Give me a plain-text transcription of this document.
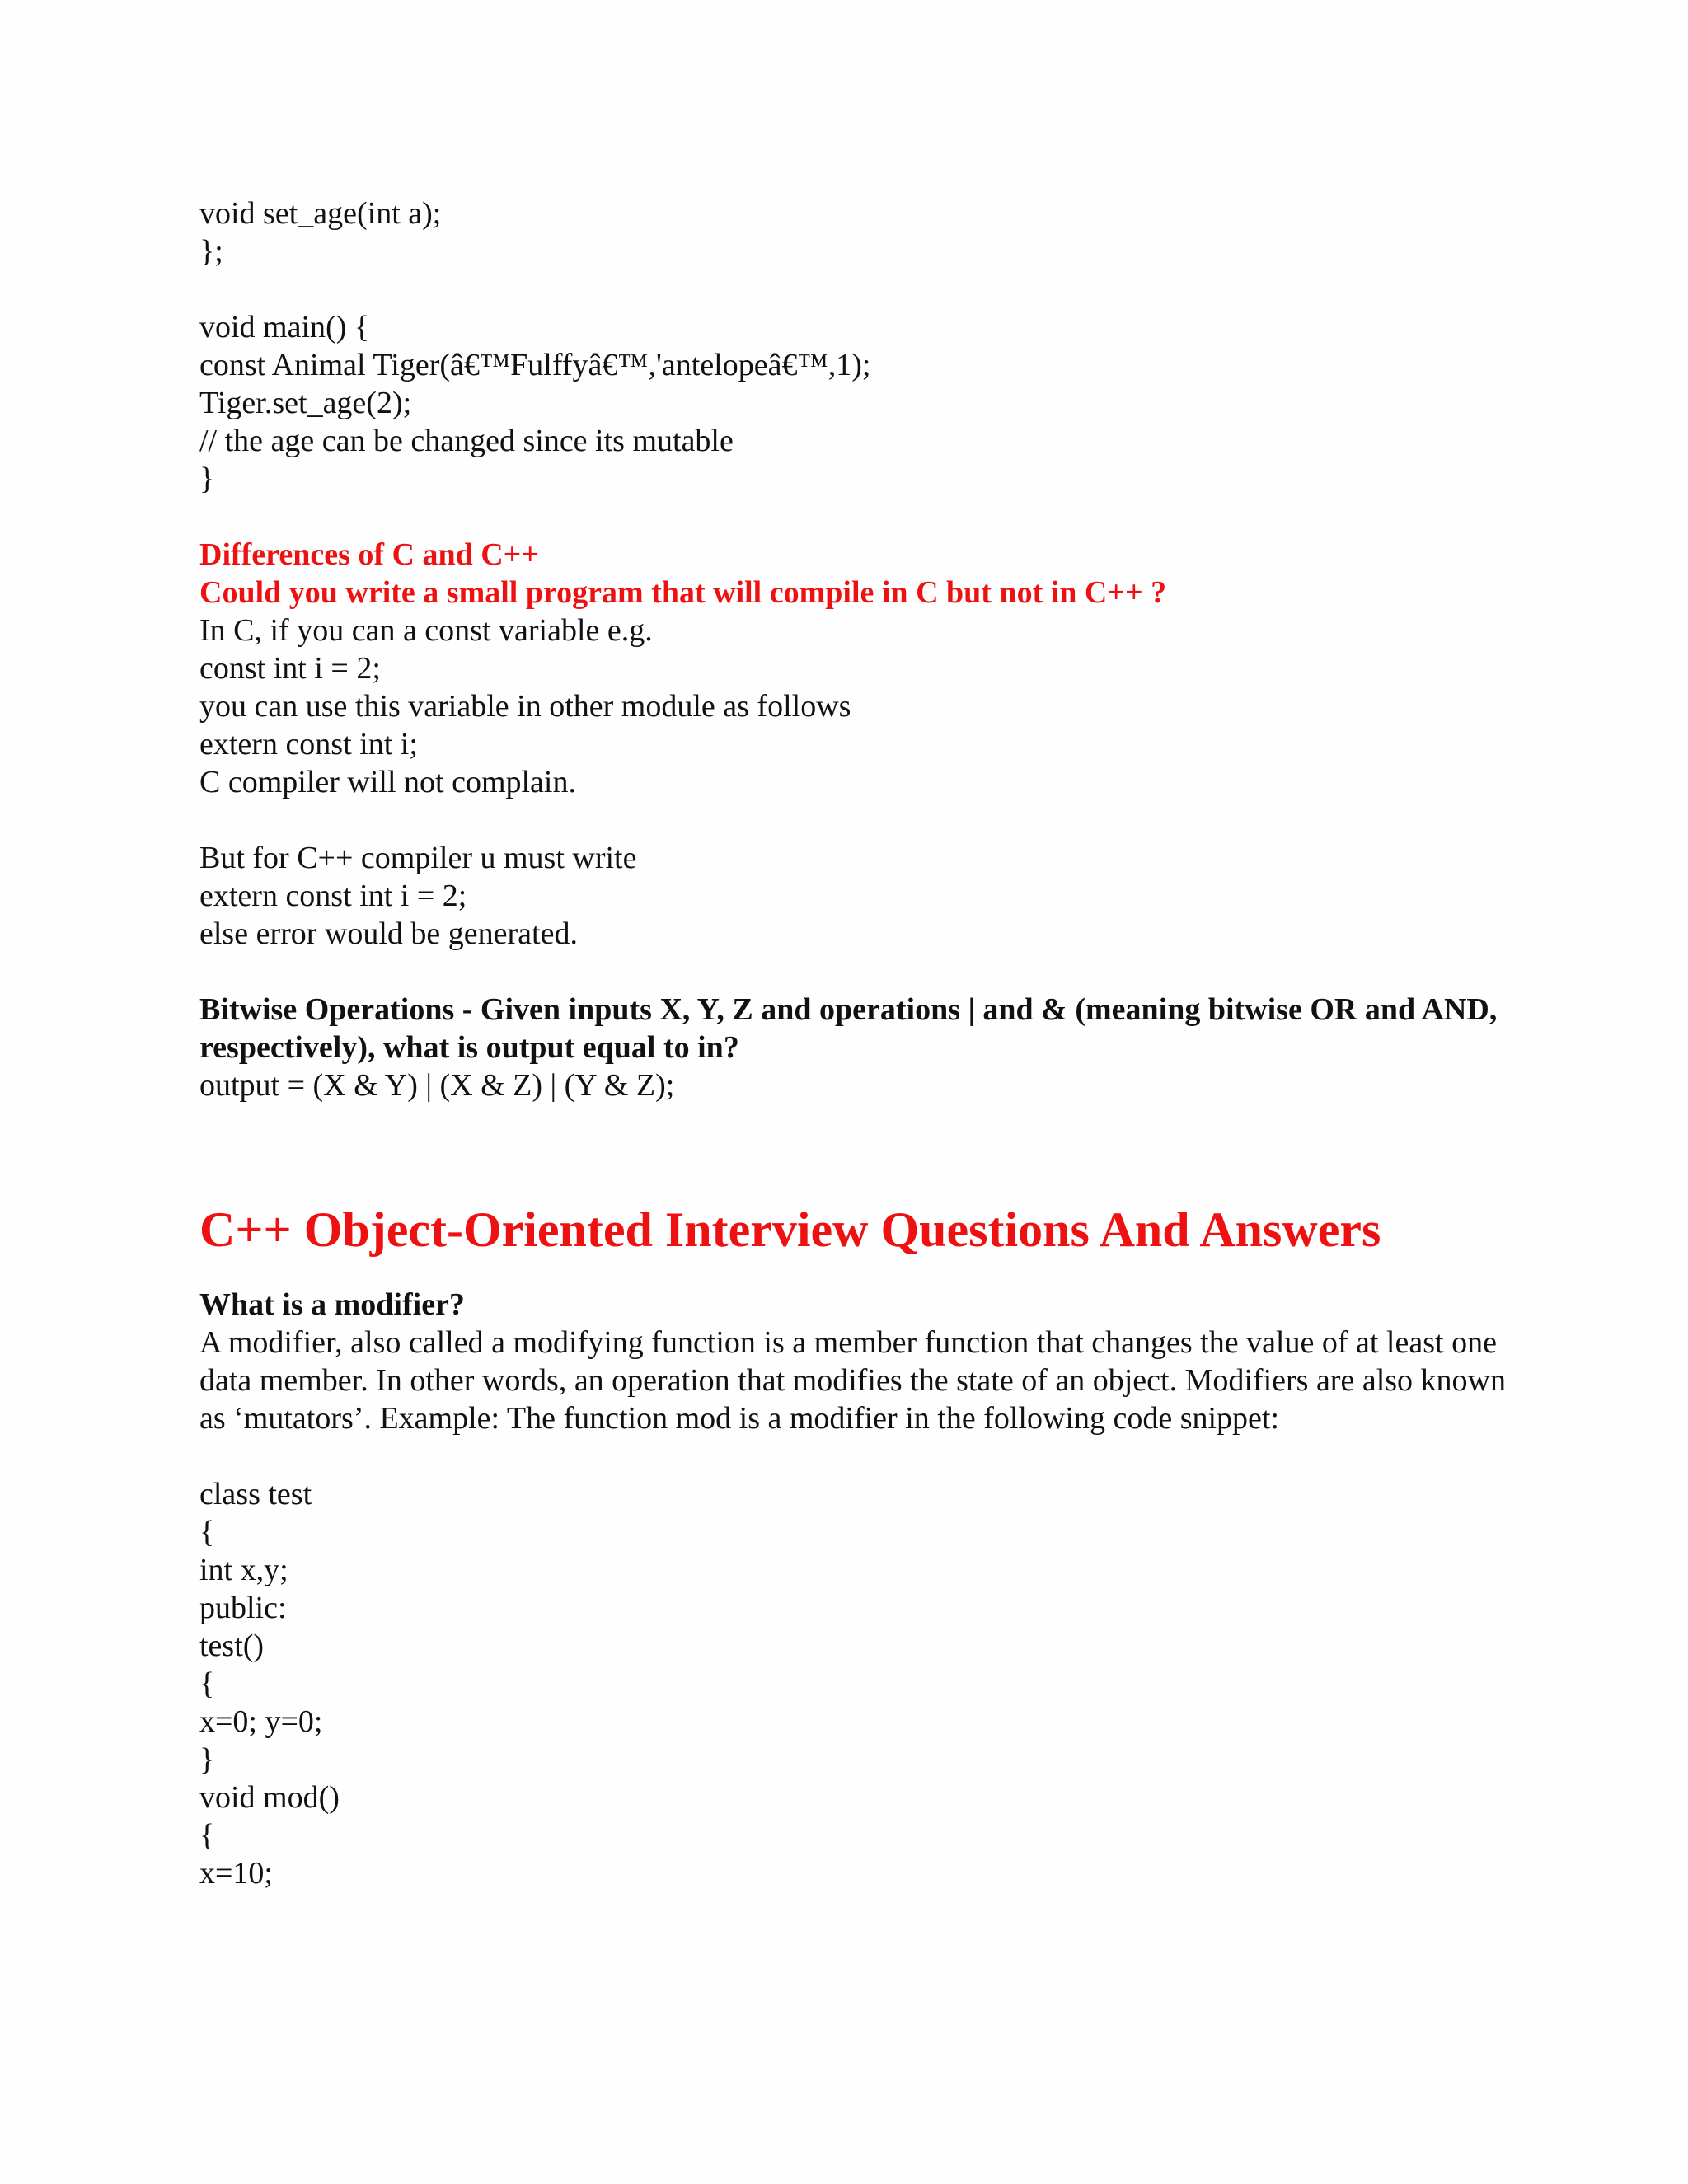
void set_age(int a);
};
void main() {
const Animal Tiger(â€™Fulffyâ€™,'antelopeâ€™,1);
Tiger.set_age(2);
// the age can be changed since its mutable
}
Differences of C and C++
Could you write a small program that will compile in C but not in C++ ?
In C, if you can a const variable e.g.
const int i = 2;
you can use this variable in other module as follows
extern const int i;
C compiler will not complain.
But for C++ compiler u must write
extern const int i = 2;
else error would be generated.
Bitwise Operations - Given inputs X, Y, Z and operations | and & (meaning bitwise OR and AND, respectively), what is output equal to in?
output = (X & Y) | (X & Z) | (Y & Z);
C++ Object-Oriented Interview Questions And Answers
What is a modifier?
A modifier, also called a modifying function is a member function that changes the value of at least one data member. In other words, an operation that modifies the state of an object. Modifiers are also known as ‘mutators’. Example: The function mod is a modifier in the following code snippet:
class test
{
int x,y;
public:
test()
{
x=0; y=0;
}
void mod()
{
x=10;
